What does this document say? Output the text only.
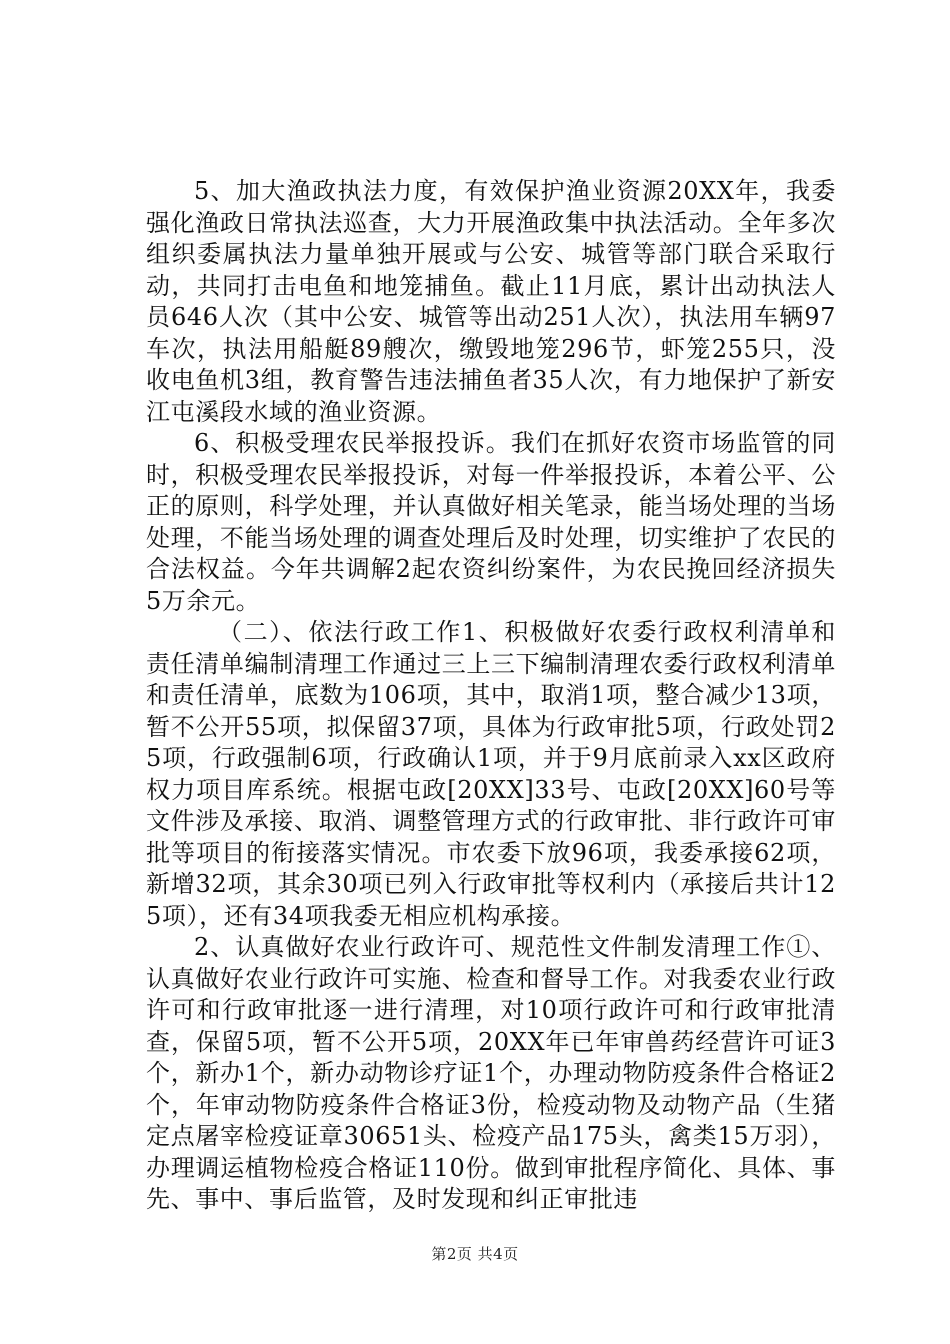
5、加大渔政执法力度，有效保护渔业资源20XX年，我委强化渔政日常执法巡查，大力开展渔政集中执法活动。全年多次组织委属执法力量单独开展或与公安、城管等部门联合采取行动，共同打击电鱼和地笼捕鱼。截止11月底，累计出动执法人员646人次（其中公安、城管等出动251人次），执法用车辆97车次，执法用船艇89艘次，缴毁地笼296节，虾笼255只，没收电鱼机3组，教育警告违法捕鱼者35人次，有力地保护了新安江屯溪段水域的渔业资源。

6、积极受理农民举报投诉。我们在抓好农资市场监管的同时，积极受理农民举报投诉，对每一件举报投诉，本着公平、公正的原则，科学处理，并认真做好相关笔录，能当场处理的当场处理，不能当场处理的调查处理后及时处理，切实维护了农民的合法权益。今年共调解2起农资纠纷案件，为农民挽回经济损失5万余元。

（二）、依法行政工作1、积极做好农委行政权利清单和责任清单编制清理工作通过三上三下编制清理农委行政权利清单和责任清单，底数为106项，其中，取消1项，整合减少13项，暂不公开55项，拟保留37项，具体为行政审批5项，行政处罚25项，行政强制6项，行政确认1项，并于9月底前录入xx区政府权力项目库系统。根据屯政[20XX]33号、屯政[20XX]60号等文件涉及承接、取消、调整管理方式的行政审批、非行政许可审批等项目的衔接落实情况。市农委下放96项，我委承接62项，新增32项，其余30项已列入行政审批等权利内（承接后共计125项），还有34项我委无相应机构承接。

2、认真做好农业行政许可、规范性文件制发清理工作①、认真做好农业行政许可实施、检查和督导工作。对我委农业行政许可和行政审批逐一进行清理，对10项行政许可和行政审批清查，保留5项，暂不公开5项，20XX年已年审兽药经营许可证3个，新办1个，新办动物诊疗证1个，办理动物防疫条件合格证2个，年审动物防疫条件合格证3份，检疫动物及动物产品（生猪定点屠宰检疫证章30651头、检疫产品175头，禽类15万羽），办理调运植物检疫合格证110份。做到审批程序简化、具体、事先、事中、事后监管，及时发现和纠正审批违

第2页 共4页
